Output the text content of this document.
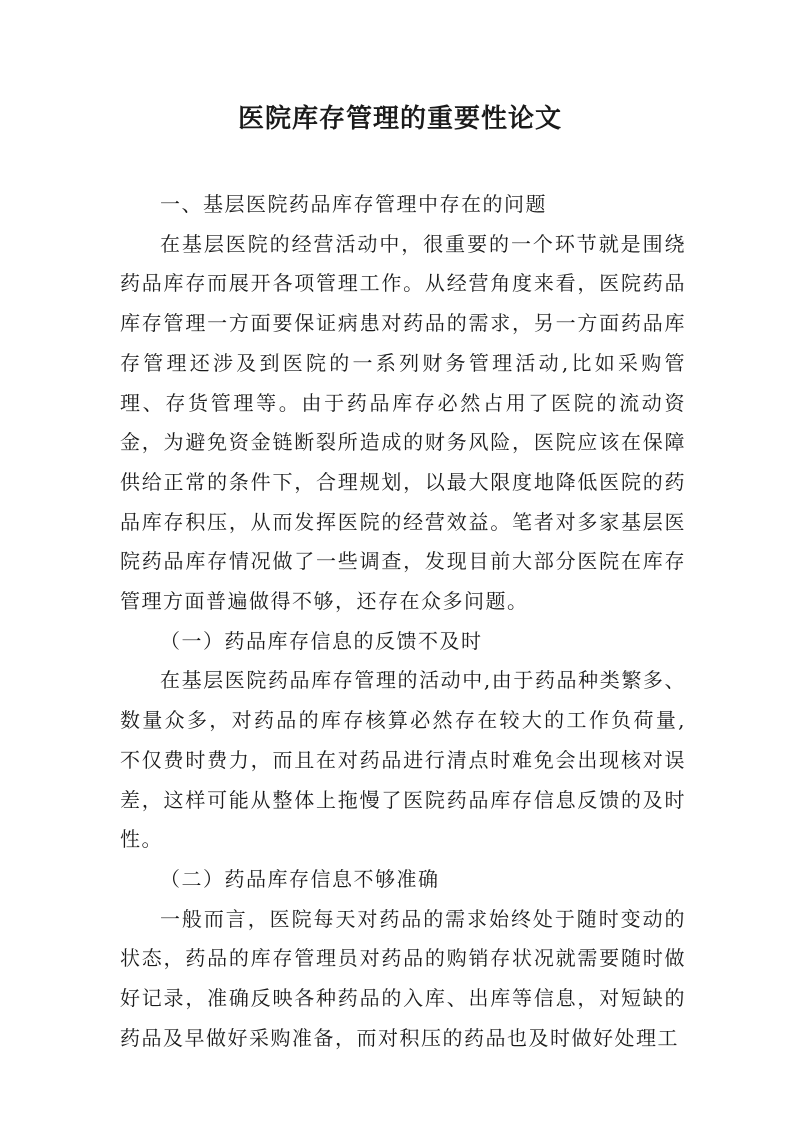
医院库存管理的重要性论文

一、基层医院药品库存管理中存在的问题

在基层医院的经营活动中，很重要的一个环节就是围绕药品库存而展开各项管理工作。从经营角度来看，医院药品库存管理一方面要保证病患对药品的需求，另一方面药品库存管理还涉及到医院的一系列财务管理活动,比如采购管理、存货管理等。由于药品库存必然占用了医院的流动资金，为避免资金链断裂所造成的财务风险，医院应该在保障供给正常的条件下，合理规划，以最大限度地降低医院的药品库存积压，从而发挥医院的经营效益。笔者对多家基层医院药品库存情况做了一些调查，发现目前大部分医院在库存管理方面普遍做得不够，还存在众多问题。

（一）药品库存信息的反馈不及时

在基层医院药品库存管理的活动中,由于药品种类繁多、数量众多，对药品的库存核算必然存在较大的工作负荷量,不仅费时费力，而且在对药品进行清点时难免会出现核对误差，这样可能从整体上拖慢了医院药品库存信息反馈的及时性。

（二）药品库存信息不够准确

一般而言，医院每天对药品的需求始终处于随时变动的状态，药品的库存管理员对药品的购销存状况就需要随时做好记录，准确反映各种药品的入库、出库等信息，对短缺的药品及早做好采购准备，而对积压的药品也及时做好处理工
